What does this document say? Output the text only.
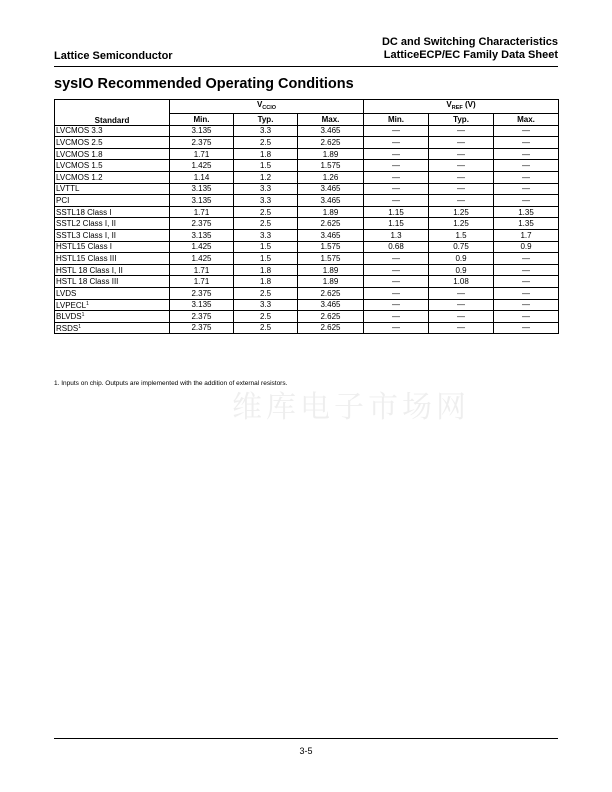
Lattice Semiconductor
DC and Switching Characteristics
LatticeECP/EC Family Data Sheet
sysIO Recommended Operating Conditions
Standard	$V_{CCIO}$			$V_{REF}$ (V)		
	Min.	Typ.	Max.	Min.	Typ.	Max.
LVCMOS 3.3	3.135	3.3	3.465	—	—	—
LVCMOS 2.5	2.375	2.5	2.625	—	—	—
LVCMOS 1.8	1.71	1.8	1.89	—	—	—
LVCMOS 1.5	1.425	1.5	1.575	—	—	—
LVCMOS 1.2	1.14	1.2	1.26	—	—	—
LVTTL	3.135	3.3	3.465	—	—	—
PCI	3.135	3.3	3.465	—	—	—
SSTL18 Class I	1.71	2.5	1.89	1.15	1.25	1.35
SSTL2 Class I, II	2.375	2.5	2.625	1.15	1.25	1.35
SSTL3 Class I, II	3.135	3.3	3.465	1.3	1.5	1.7
HSTL15 Class I	1.425	1.5	1.575	0.68	0.75	0.9
HSTL15 Class III	1.425	1.5	1.575	—	0.9	—
HSTL 18 Class I, II	1.71	1.8	1.89	—	0.9	—
HSTL 18 Class III	1.71	1.8	1.89	—	1.08	—
LVDS	2.375	2.5	2.625	—	—	—
LVPECL$^1$	3.135	3.3	3.465	—	—	—
BLVDS$^1$	2.375	2.5	2.625	—	—	—
RSDS$^1$	2.375	2.5	2.625	—	—	—
1. Inputs on chip. Outputs are implemented with the addition of external resistors.
维库电子市场网
3-5
